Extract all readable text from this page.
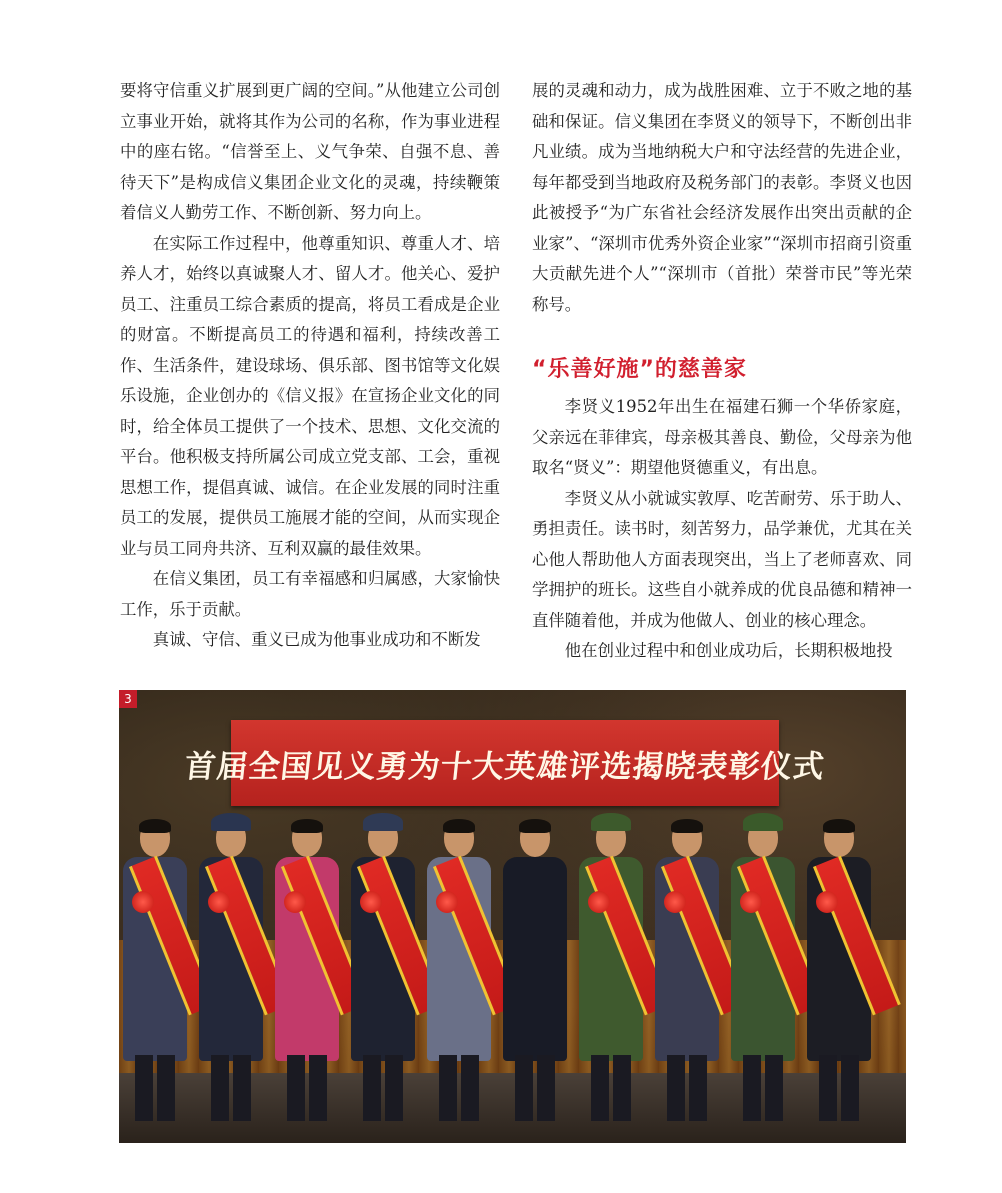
要将守信重义扩展到更广阔的空间。”从他建立公司创立事业开始，就将其作为公司的名称，作为事业进程中的座右铭。“信誉至上、义气争荣、自强不息、善待天下”是构成信义集团企业文化的灵魂，持续鞭策着信义人勤劳工作、不断创新、努力向上。

在实际工作过程中，他尊重知识、尊重人才、培养人才，始终以真诚聚人才、留人才。他关心、爱护员工、注重员工综合素质的提高，将员工看成是企业的财富。不断提高员工的待遇和福利，持续改善工作、生活条件，建设球场、俱乐部、图书馆等文化娱乐设施，企业创办的《信义报》在宣扬企业文化的同时，给全体员工提供了一个技术、思想、文化交流的平台。他积极支持所属公司成立党支部、工会，重视思想工作，提倡真诚、诚信。在企业发展的同时注重员工的发展，提供员工施展才能的空间，从而实现企业与员工同舟共济、互利双赢的最佳效果。

在信义集团，员工有幸福感和归属感，大家愉快工作，乐于贡献。

真诚、守信、重义已成为他事业成功和不断发

展的灵魂和动力，成为战胜困难、立于不败之地的基础和保证。信义集团在李贤义的领导下，不断创出非凡业绩。成为当地纳税大户和守法经营的先进企业，每年都受到当地政府及税务部门的表彰。李贤义也因此被授予“为广东省社会经济发展作出突出贡献的企业家”、“深圳市优秀外资企业家”“深圳市招商引资重大贡献先进个人”“深圳市（首批）荣誉市民”等光荣称号。

“乐善好施”的慈善家

李贤义1952年出生在福建石狮一个华侨家庭，父亲远在菲律宾，母亲极其善良、勤俭，父母亲为他取名“贤义”：期望他贤德重义，有出息。

李贤义从小就诚实敦厚、吃苦耐劳、乐于助人、勇担责任。读书时，刻苦努力，品学兼优，尤其在关心他人帮助他人方面表现突出，当上了老师喜欢、同学拥护的班长。这些自小就养成的优良品德和精神一直伴随着他，并成为他做人、创业的核心理念。

他在创业过程中和创业成功后，长期积极地投

3
首届全国见义勇为十大英雄评选揭晓表彰仪式
